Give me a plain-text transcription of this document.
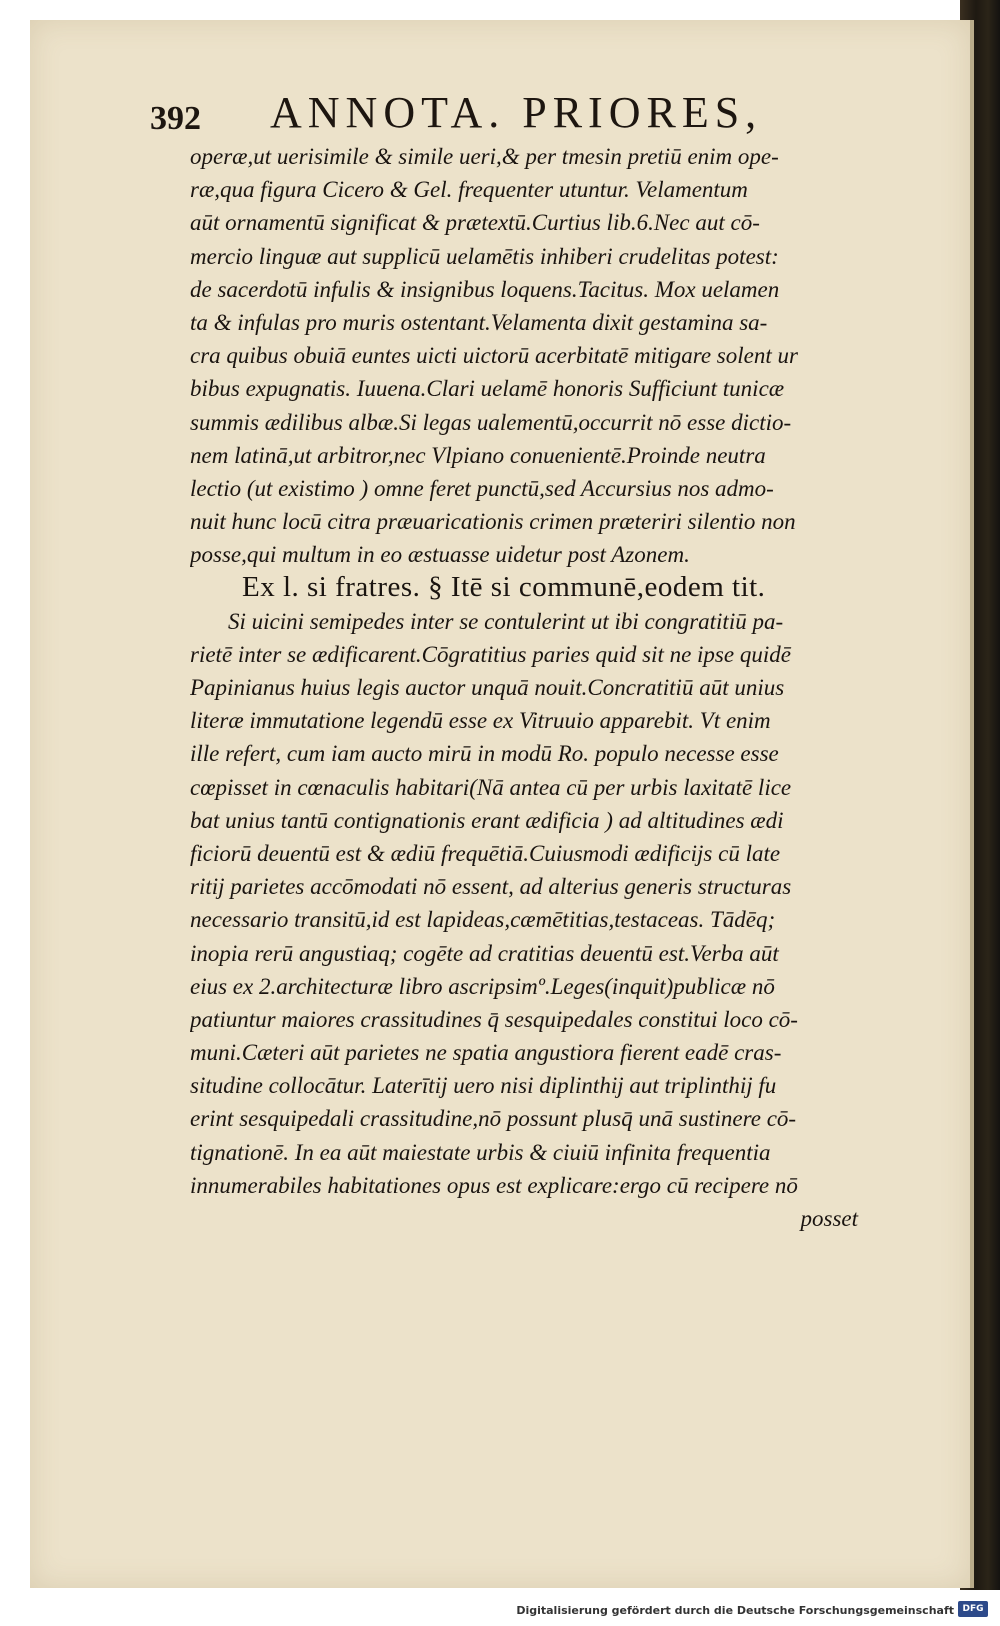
392	ANNOTA. PRIORES,
operæ,ut uerisimile & simile ueri,& per tmesin pretiū enim ope-
ræ,qua figura Cicero & Gel. frequenter utuntur. Velamentum
aūt ornamentū significat & prætextū.Curtius lib.6.Nec aut cō-
mercio linguæ aut supplicū uelamētis inhiberi crudelitas potest:
de sacerdotū infulis & insignibus loquens.Tacitus. Mox uelamen
ta & infulas pro muris ostentant.Velamenta dixit gestamina sa-
cra quibus obuiā euntes uicti uictorū acerbitatē mitigare solent ur
bibus expugnatis. Iuuena.Clari uelamē honoris Sufficiunt tunicæ
summis ædilibus albæ.Si legas ualementū,occurrit nō esse dictio-
nem latinā,ut arbitror,nec Vlpiano conuenientē.Proinde neutra
lectio (ut existimo ) omne feret punctū,sed Accursius nos admo-
nuit hunc locū citra præuaricationis crimen præteriri silentio non
posse,qui multum in eo æstuasse uidetur post Azonem.
Ex l. si fratres. § Itē si communē,eodem tit.
Si uicini semipedes inter se contulerint ut ibi congratitiū pa-
rietē inter se ædificarent.Cōgratitius paries quid sit ne ipse quidē
Papinianus huius legis auctor unquā nouit.Concratitiū aūt unius
literæ immutatione legendū esse ex Vitruuio apparebit. Vt enim
ille refert, cum iam aucto mirū in modū Ro. populo necesse esse
cœpisset in cœnaculis habitari(Nā antea cū per urbis laxitatē lice
bat unius tantū contignationis erant ædificia ) ad altitudines ædi
ficiorū deuentū est & ædiū frequētiā.Cuiusmodi ædificijs cū late
ritij parietes accōmodati nō essent, ad alterius generis structuras
necessario transitū,id est lapideas,cæmētitias,testaceas. Tādēq;
inopia rerū angustiaq; cogēte ad cratitias deuentū est.Verba aūt
eius ex 2.architecturæ libro ascripsimº.Leges(inquit)publicæ nō
patiuntur maiores crassitudines q̄ sesquipedales constitui loco cō-
muni.Cæteri aūt parietes ne spatia angustiora fierent eadē cras-
situdine collocātur. Laterītij uero nisi diplinthij aut triplinthij fu
erint sesquipedali crassitudine,nō possunt plusq̄ unā sustinere cō-
tignationē. In ea aūt maiestate urbis & ciuiū infinita frequentia
innumerabiles habitationes opus est explicare:ergo cū recipere nō
posset
Digitalisierung gefördert durch die Deutsche Forschungsgemeinschaft DFG
